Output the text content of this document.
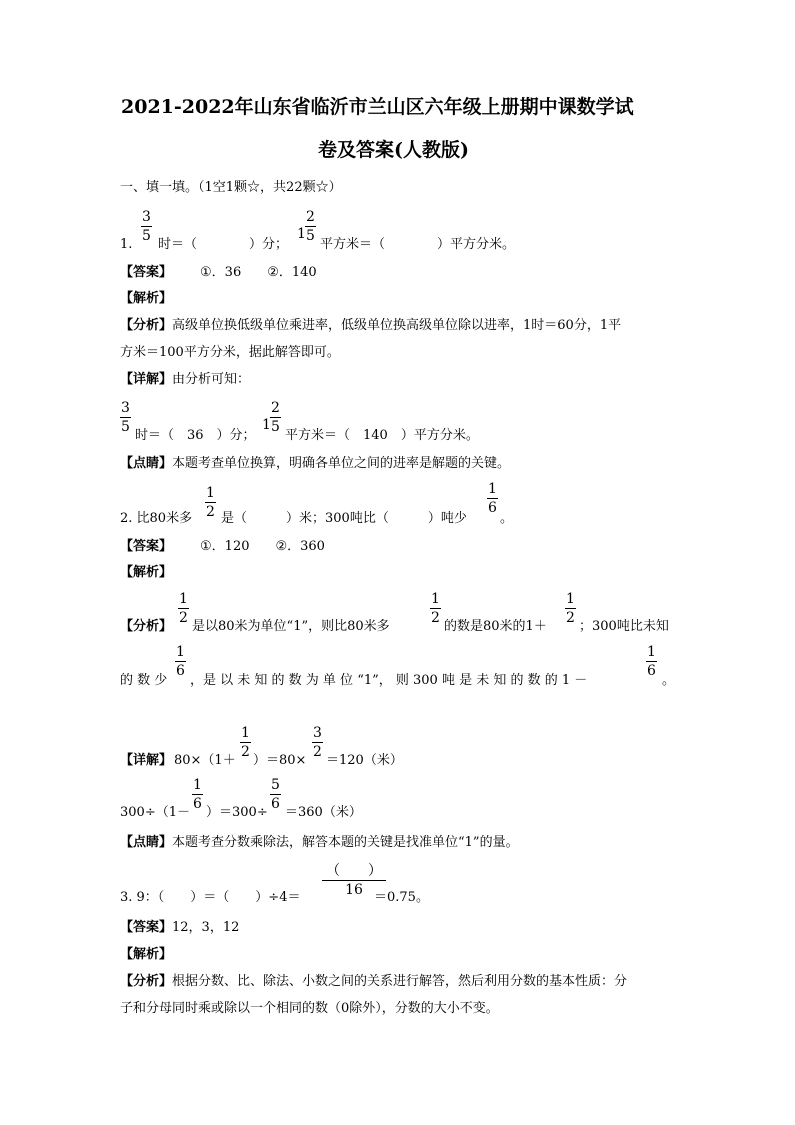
2021-2022年山东省临沂市兰山区六年级上册期中课数学试
卷及答案(人教版)
一、填一填。（1空1颗☆，共22颗☆）
1.
$\frac{3}{5}$
时＝（　　　　）分；
$1 \frac{2}{5}$
平方米＝（　　　　）平方分米。
【答案】 ①．36　　②．140
【解析】
【分析】高级单位换低级单位乘进率，低级单位换高级单位除以进率，1时＝60分，1平
方米＝100平方分米，据此解答即可。
【详解】由分析可知：
$\frac{3}{5}$
时＝（　36　）分；
$1 \frac{2}{5}$
平方米＝（　140　）平方分米。
【点睛】本题考查单位换算，明确各单位之间的进率是解题的关键。
2. 比80米多 $\frac{1}{2}$ 是（　　　）米；300吨比（　　　）吨少
$\frac{1}{6}$
。
【答案】 ①．120　　②．360
【解析】
【分析】
$\frac{1}{2}$
是以80米为单位“1”，则比80米多
$\frac{1}{2}$
的数是80米的1＋
$\frac{1}{2}$
；300吨比未知
的 数 少
$\frac{1}{6}$
，是 以 未 知 的 数 为 单 位 “1”， 则 300 吨 是 未 知 的 数 的 1 －
$\frac{1}{6}$
。
【详解】 80×（1＋
$\frac{1}{2}$
）＝80×
$\frac{3}{2}$
＝120（米）
300÷（1－
$\frac{1}{6}$
）＝300÷
$\frac{5}{6}$
＝360（米）
【点睛】本题考查分数乘除法，解答本题的关键是找准单位“1”的量。
3. 9：（　　）＝（　　）÷4＝
（　　）
16 ＝0.75。
【答案】12，3，12
【解析】
【分析】根据分数、比、除法、小数之间的关系进行解答，然后利用分数的基本性质：分
子和分母同时乘或除以一个相同的数（0除外），分数的大小不变。
